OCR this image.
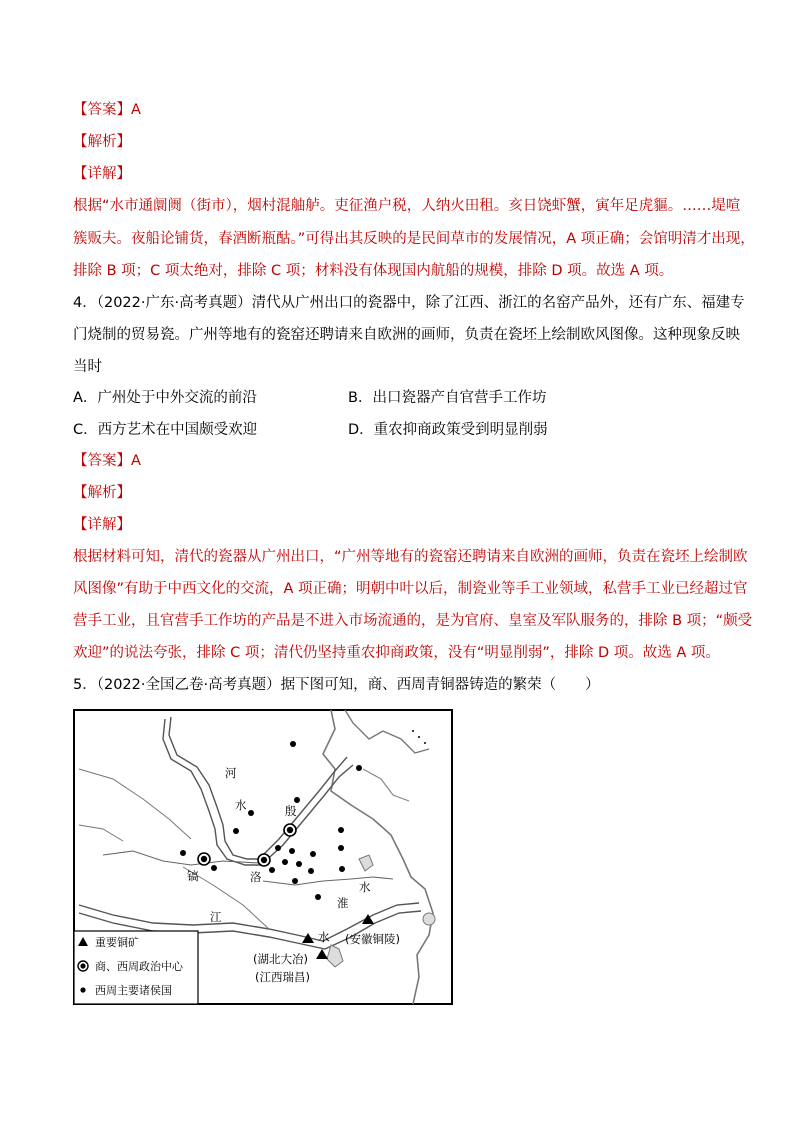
【答案】A
【解析】
【详解】
根据“水市通阛阓（街市），烟村混舳舻。吏征渔户税，人纳火田租。亥日饶虾蟹，寅年足虎貙。……堤喧
簇贩夫。夜船论铺货，春酒断瓶酤。”可得出其反映的是民间草市的发展情况，A 项正确；会馆明清才出现，
排除 B 项；C 项太绝对，排除 C 项；材料没有体现国内航船的规模，排除 D 项。故选 A 项。
4．（2022·广东·高考真题）清代从广州出口的瓷器中，除了江西、浙江的名窑产品外，还有广东、福建专
门烧制的贸易瓷。广州等地有的瓷窑还聘请来自欧洲的画师，负责在瓷坯上绘制欧风图像。这种现象反映
当时
A．广州处于中外交流的前沿	B．出口瓷器产自官营手工作坊
C．西方艺术在中国颇受欢迎	D．重农抑商政策受到明显削弱
【答案】A
【解析】
【详解】
根据材料可知，清代的瓷器从广州出口，“广州等地有的瓷窑还聘请来自欧洲的画师，负责在瓷坯上绘制欧
风图像”有助于中西文化的交流，A 项正确；明朝中叶以后，制瓷业等手工业领域，私营手工业已经超过官
营手工业，且官营手工作坊的产品是不进入市场流通的，是为官府、皇室及军队服务的，排除 B 项；“颇受
欢迎”的说法夸张，排除 C 项；清代仍坚持重农抑商政策，没有“明显削弱”，排除 D 项。故选 A 项。
5．（2022·全国乙卷·高考真题）据下图可知，商、西周青铜器铸造的繁荣（　　）
河
水	殷
洛
镐
淮
水
江
水 (安徽铜陵)
(湖北大冶)
(江西瑞昌)
重要铜矿
商、西周政治中心
西周主要诸侯国
